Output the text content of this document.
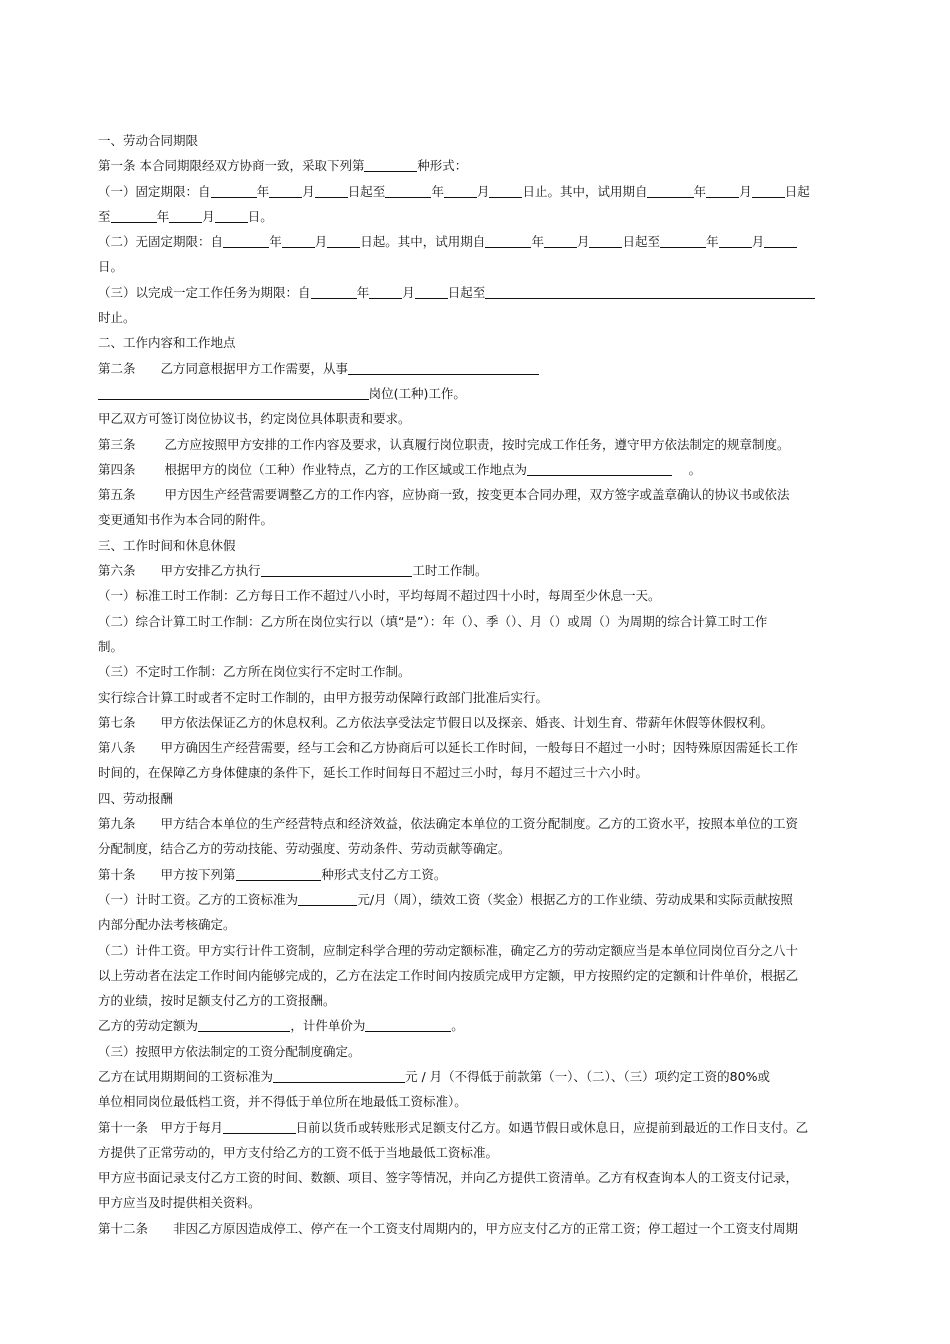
一、劳动合同期限
第一条 本合同期限经双方协商一致，采取下列第	种形式：
（一）固定期限：自	年	月	日起至	年	月	日止。其中，试用期自	年	月	日起
至	年	月	日。
（二）无固定期限：自	年	月	日起。其中，试用期自	年	月	日起至	年	月
日。
（三）以完成一定工作任务为期限：自	年	月	日起至
时止。
二、工作内容和工作地点
第二条　　乙方同意根据甲方工作需要，从事
岗位(工种)工作。
甲乙双方可签订岗位协议书，约定岗位具体职责和要求。
第三条　　 乙方应按照甲方安排的工作内容及要求，认真履行岗位职责，按时完成工作任务，遵守甲方依法制定的规章制度。
第四条　　 根据甲方的岗位（工种）作业特点，乙方的工作区域或工作地点为	　 。
第五条　　 甲方因生产经营需要调整乙方的工作内容，应协商一致，按变更本合同办理，双方签字或盖章确认的协议书或依法
变更通知书作为本合同的附件。
三、工作时间和休息休假
第六条　　甲方安排乙方执行	工时工作制。
（一）标准工时工作制：乙方每日工作不超过八小时，平均每周不超过四十小时，每周至少休息一天。
（二）综合计算工时工作制：乙方所在岗位实行以（填“是”）：年（）、季（）、月（）或周（）为周期的综合计算工时工作
制。
（三）不定时工作制：乙方所在岗位实行不定时工作制。
实行综合计算工时或者不定时工作制的，由甲方报劳动保障行政部门批准后实行。
第七条　　甲方依法保证乙方的休息权利。乙方依法享受法定节假日以及探亲、婚丧、计划生育、带薪年休假等休假权利。
第八条　　甲方确因生产经营需要，经与工会和乙方协商后可以延长工作时间，一般每日不超过一小时；因特殊原因需延长工作
时间的，在保障乙方身体健康的条件下，延长工作时间每日不超过三小时，每月不超过三十六小时。
四、劳动报酬
第九条　　甲方结合本单位的生产经营特点和经济效益，依法确定本单位的工资分配制度。乙方的工资水平，按照本单位的工资
分配制度，结合乙方的劳动技能、劳动强度、劳动条件、劳动贡献等确定。
第十条　　甲方按下列第	种形式支付乙方工资。
（一）计时工资。乙方的工资标准为	元/月（周），绩效工资（奖金）根据乙方的工作业绩、劳动成果和实际贡献按照
内部分配办法考核确定。
（二）计件工资。甲方实行计件工资制，应制定科学合理的劳动定额标准，确定乙方的劳动定额应当是本单位同岗位百分之八十
以上劳动者在法定工作时间内能够完成的，乙方在法定工作时间内按质完成甲方定额，甲方按照约定的定额和计件单价，根据乙
方的业绩，按时足额支付乙方的工资报酬。
乙方的劳动定额为	，计件单价为	。
（三）按照甲方依法制定的工资分配制度确定。
乙方在试用期期间的工资标准为	元 / 月（不得低于前款第（一）、（二）、（三）项约定工资的80%或
单位相同岗位最低档工资，并不得低于单位所在地最低工资标准）。
第十一条　甲方于每月	日前以货币或转账形式足额支付乙方。如遇节假日或休息日，应提前到最近的工作日支付。乙
方提供了正常劳动的，甲方支付给乙方的工资不低于当地最低工资标准。
甲方应书面记录支付乙方工资的时间、数额、项目、签字等情况，并向乙方提供工资清单。乙方有权查询本人的工资支付记录，
甲方应当及时提供相关资料。
第十二条　　非因乙方原因造成停工、停产在一个工资支付周期内的，甲方应支付乙方的正常工资；停工超过一个工资支付周期
